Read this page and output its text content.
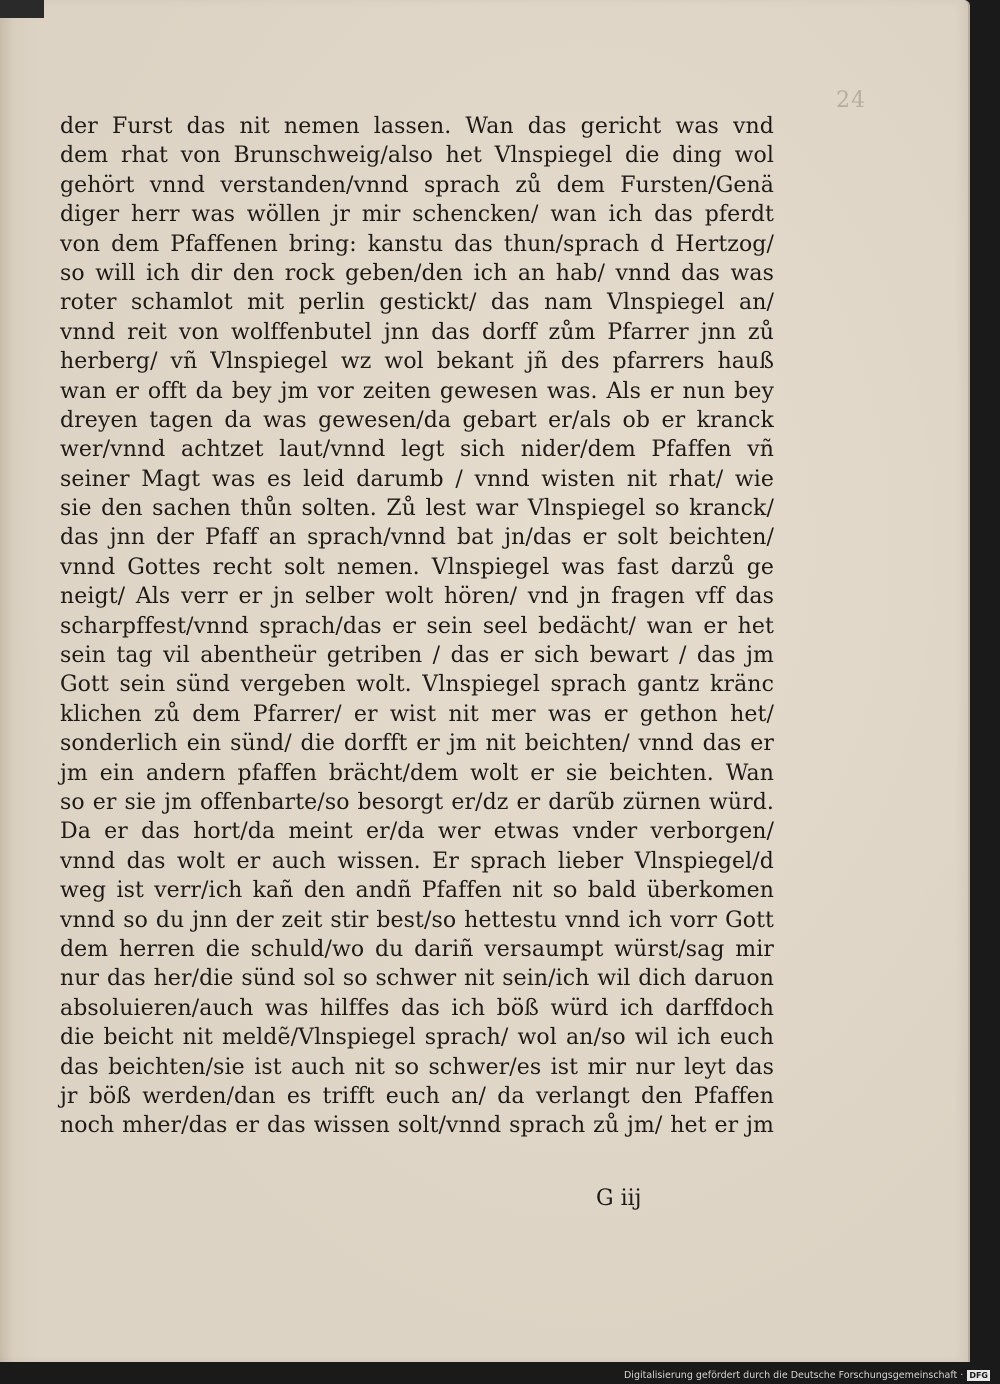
24
der Furst das nit nemen lassen. Wan das gericht was vnd
dem rhat von Brunschweig/also het Vlnspiegel die ding wol
gehört vnnd verstanden/vnnd sprach zů dem Fursten/Genä
diger herr was wöllen jr mir schencken/ wan ich das pferdt
von dem Pfaffenen bring: kanstu das thun/sprach d Hertzog/
so will ich dir den rock geben/den ich an hab/ vnnd das was
roter schamlot mit perlin gestickt/ das nam Vlnspiegel an/
vnnd reit von wolffenbutel jnn das dorff zům Pfarrer jnn zů
herberg/ vñ Vlnspiegel wz wol bekant jñ des pfarrers hauß
wan er offt da bey jm vor zeiten gewesen was. Als er nun bey
dreyen tagen da was gewesen/da gebart er/als ob er kranck
wer/vnnd achtzet laut/vnnd legt sich nider/dem Pfaffen vñ
seiner Magt was es leid darumb / vnnd wisten nit rhat/ wie
sie den sachen thůn solten. Zů lest war Vlnspiegel so kranck/
das jnn der Pfaff an sprach/vnnd bat jn/das er solt beichten/
vnnd Gottes recht solt nemen. Vlnspiegel was fast darzů ge
neigt/ Als verr er jn selber wolt hören/ vnd jn fragen vff das
scharpffest/vnnd sprach/das er sein seel bedächt/ wan er het
sein tag vil abentheür getriben / das er sich bewart / das jm
Gott sein sünd vergeben wolt. Vlnspiegel sprach gantz kränc
klichen zů dem Pfarrer/ er wist nit mer was er gethon het/
sonderlich ein sünd/ die dorfft er jm nit beichten/ vnnd das er
jm ein andern pfaffen brächt/dem wolt er sie beichten. Wan
so er sie jm offenbarte/so besorgt er/dz er darũb zürnen würd.
Da er das hort/da meint er/da wer etwas vnder verborgen/
vnnd das wolt er auch wissen. Er sprach lieber Vlnspiegel/d
weg ist verr/ich kañ den andñ Pfaffen nit so bald überkomen
vnnd so du jnn der zeit stir best/so hettestu vnnd ich vorr Gott
dem herren die schuld/wo du dariñ versaumpt würst/sag mir
nur das her/die sünd sol so schwer nit sein/ich wil dich daruon
absoluieren/auch was hilffes das ich böß würd ich darffdoch
die beicht nit meldẽ/Vlnspiegel sprach/ wol an/so wil ich euch
das beichten/sie ist auch nit so schwer/es ist mir nur leyt das
jr böß werden/dan es trifft euch an/ da verlangt den Pfaffen
noch mher/das er das wissen solt/vnnd sprach zů jm/ het er jm
G iij
Digitalisierung gefördert durch die Deutsche Forschungsgemeinschaft · DFG
